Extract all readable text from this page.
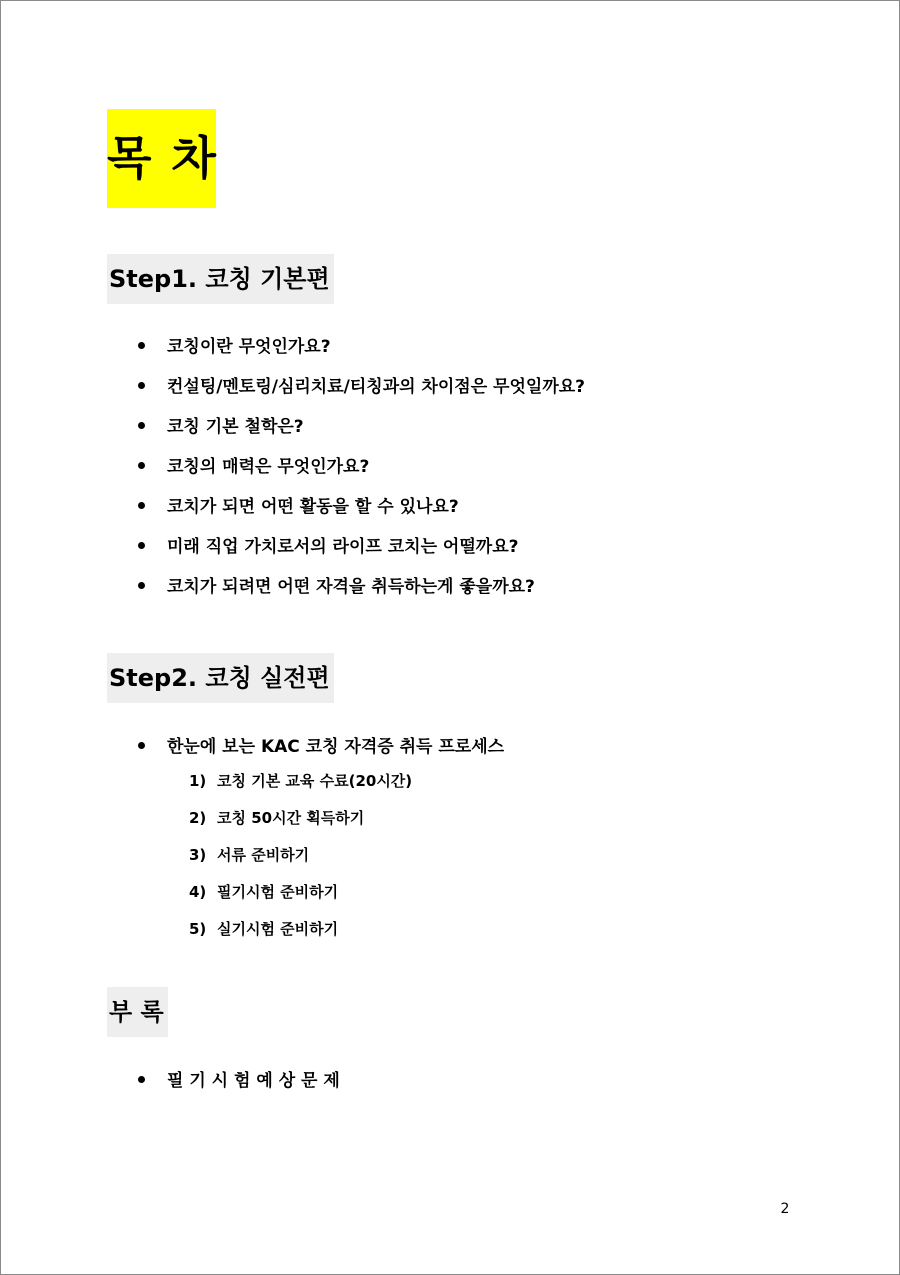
목 차
Step1. 코칭 기본편
코칭이란 무엇인가요?
컨설팅/멘토링/심리치료/티칭과의 차이점은 무엇일까요?
코칭 기본 철학은?
코칭의 매력은 무엇인가요?
코치가 되면 어떤 활동을 할 수 있나요?
미래 직업 가치로서의 라이프 코치는 어떨까요?
코치가 되려면 어떤 자격을 취득하는게 좋을까요?
Step2. 코칭 실전편
한눈에 보는 KAC 코칭 자격증 취득 프로세스
1) 코칭 기본 교육 수료(20시간)
2) 코칭 50시간 획득하기
3) 서류 준비하기
4) 필기시험 준비하기
5) 실기시험 준비하기
부 록
필 기 시 험 예 상 문 제
2
